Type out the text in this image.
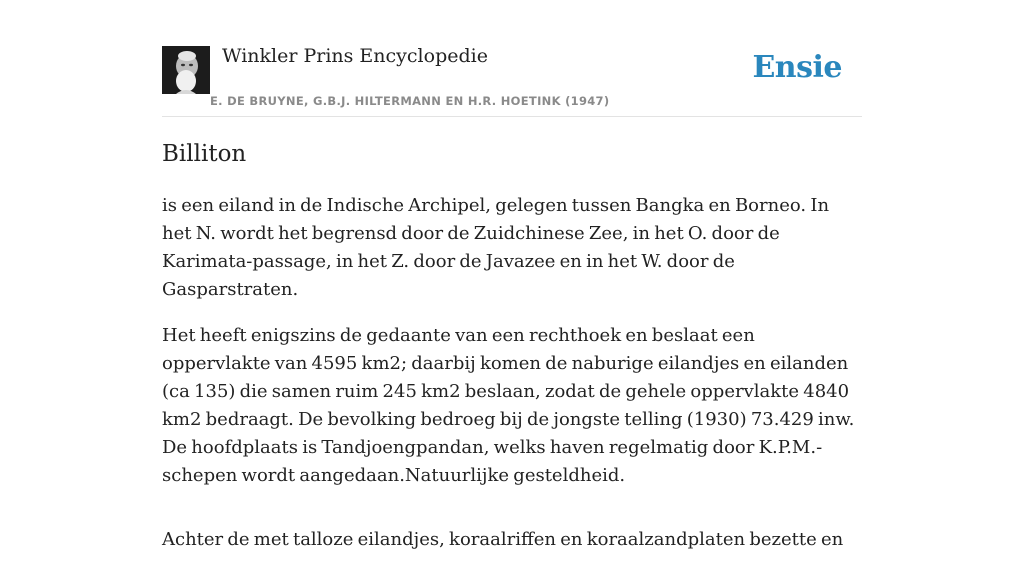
Winkler Prins Encyclopedie
E. DE BRUYNE, G.B.J. HILTERMANN EN H.R. HOETINK (1947)
Ensie
Billiton

is een eiland in de Indische Archipel, gelegen tussen Bangka en Borneo. In het N. wordt het begrensd door de Zuidchinese Zee, in het O. door de Karimata-passage, in het Z. door de Javazee en in het W. door de Gasparstraten.

Het heeft enigszins de gedaante van een rechthoek en beslaat een oppervlakte van 4595 km2; daarbij komen de naburige eilandjes en eilanden (ca 135) die samen ruim 245 km2 beslaan, zodat de gehele oppervlakte 4840 km2 bedraagt. De bevolking bedroeg bij de jongste telling (1930) 73.429 inw. De hoofdplaats is Tandjoengpandan, welks haven regelmatig door K.P.M.-schepen wordt aangedaan.Natuurlijke gesteldheid.

Achter de met talloze eilandjes, koraalriffen en koraalzandplaten bezette en
